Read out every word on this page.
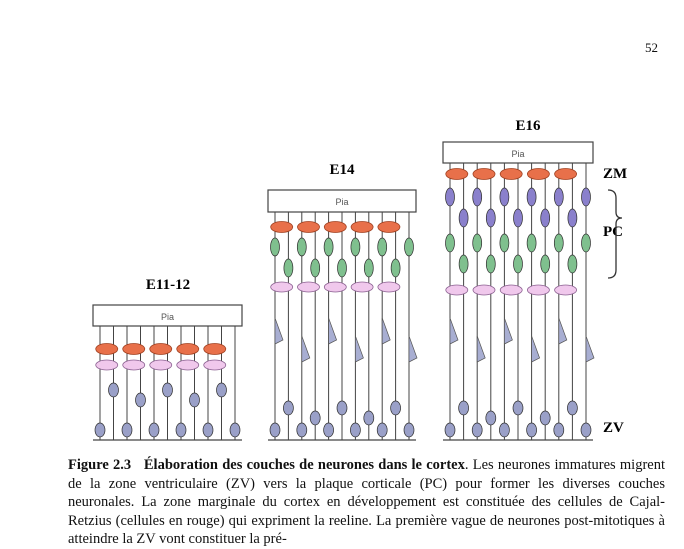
52
E11-12
E14
E16
Pia
Pia
Pia
ZM
PC
ZV
Figure 2.3 Élaboration des couches de neurones dans le cortex. Les neurones immatures migrent de la zone ventriculaire (ZV) vers la plaque corticale (PC) pour former les diverses couches neuronales. La zone marginale du cortex en développement est constituée des cellules de Cajal-Retzius (cellules en rouge) qui expriment la reeline. La première vague de neurones post-mitotiques à atteindre la ZV vont constituer la pré-
